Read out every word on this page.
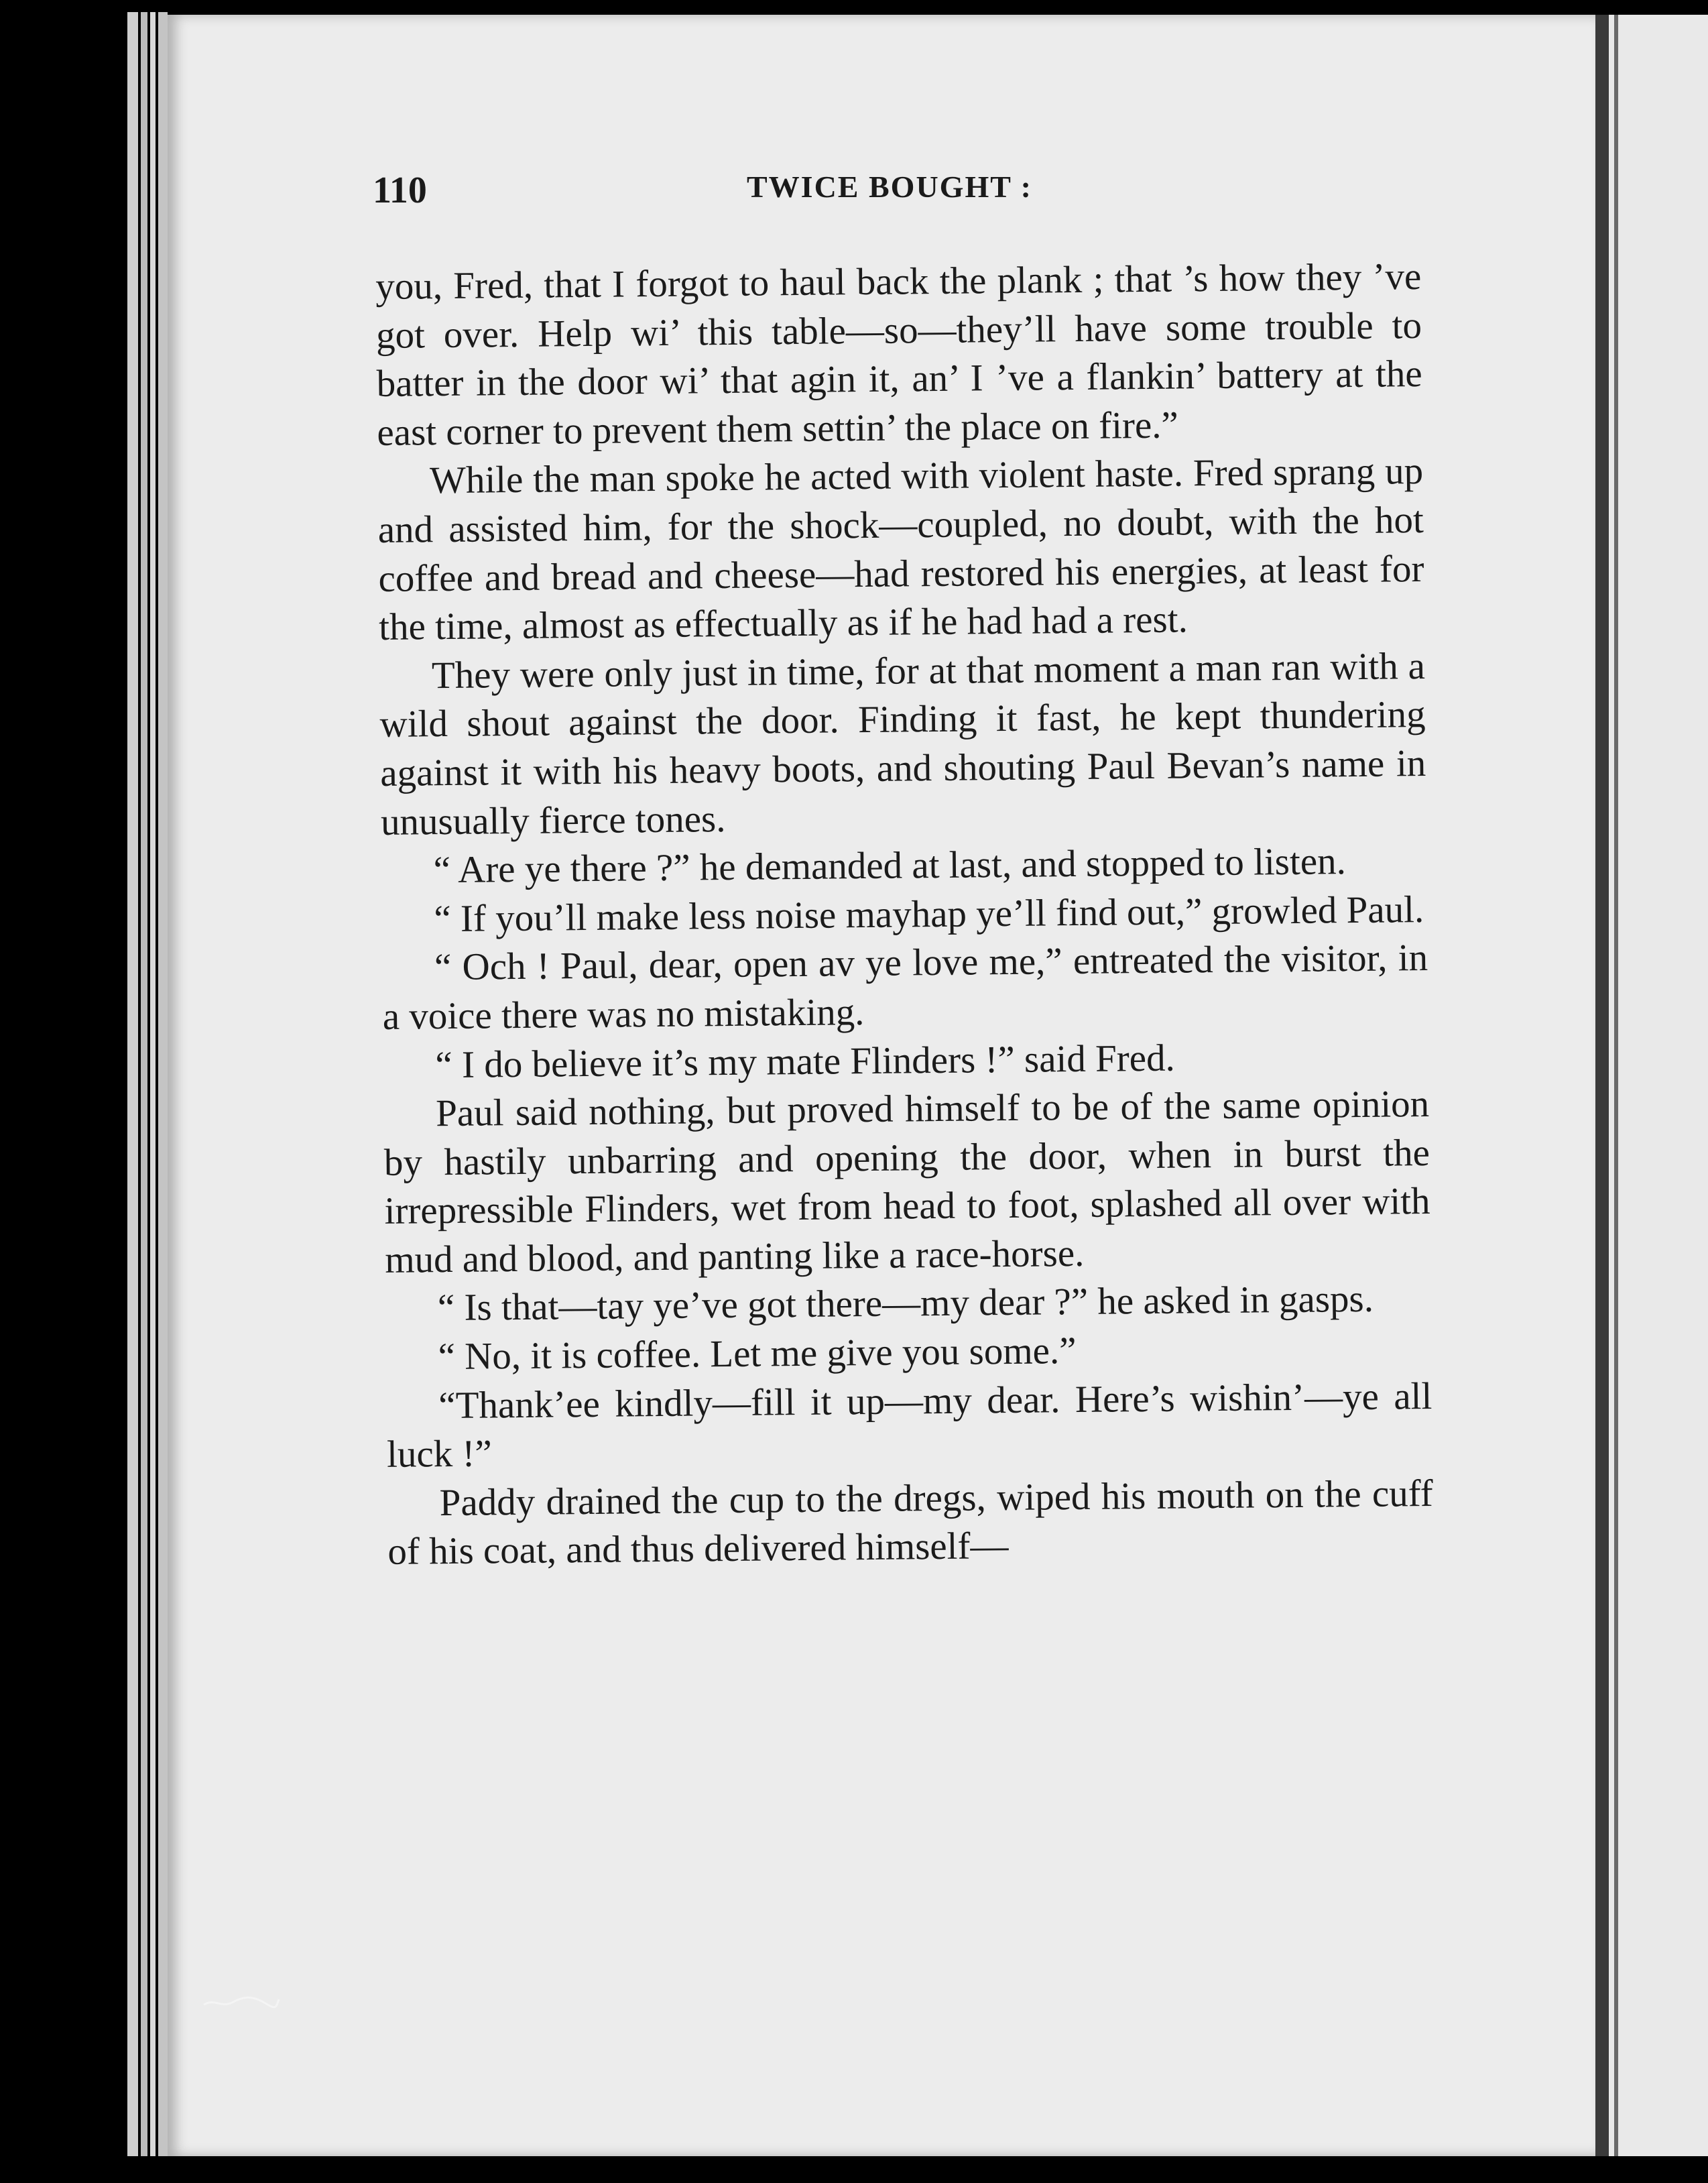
110	TWICE BOUGHT :

you, Fred, that I forgot to haul back the plank ; that ’s how they ’ve got over. Help wi’ this table—so—they’ll have some trouble to batter in the door wi’ that agin it, an’ I ’ve a flankin’ battery at the east corner to prevent them settin’ the place on fire.”

While the man spoke he acted with violent haste. Fred sprang up and assisted him, for the shock—coupled, no doubt, with the hot coffee and bread and cheese—had restored his energies, at least for the time, almost as effectually as if he had had a rest.

They were only just in time, for at that moment a man ran with a wild shout against the door. Finding it fast, he kept thundering against it with his heavy boots, and shouting Paul Bevan’s name in unusually fierce tones.

“ Are ye there ?” he demanded at last, and stopped to listen.

“ If you’ll make less noise mayhap ye’ll find out,” growled Paul.

“ Och ! Paul, dear, open av ye love me,” entreated the visitor, in a voice there was no mistaking.

“ I do believe it’s my mate Flinders !” said Fred.

Paul said nothing, but proved himself to be of the same opinion by hastily unbarring and opening the door, when in burst the irrepressible Flinders, wet from head to foot, splashed all over with mud and blood, and panting like a race-horse.

“ Is that—tay ye’ve got there—my dear ?” he asked in gasps.

“ No, it is coffee. Let me give you some.”

“Thank’ee kindly—fill it up—my dear. Here’s wishin’—ye all luck !”

Paddy drained the cup to the dregs, wiped his mouth on the cuff of his coat, and thus delivered himself—
